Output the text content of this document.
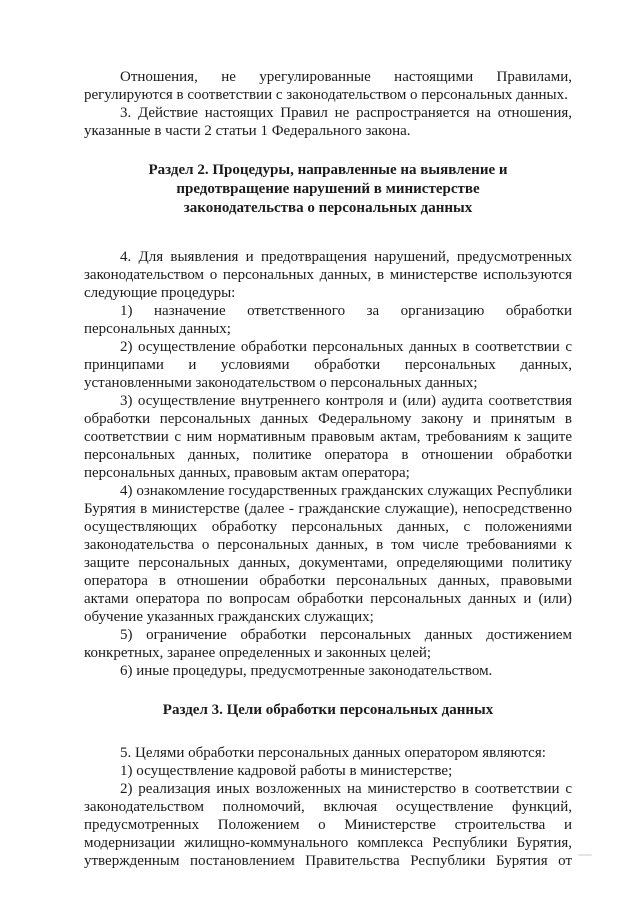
Отношения, не урегулированные настоящими Правилами, регулируются в соответствии с законодательством о персональных данных.

3. Действие настоящих Правил не распространяется на отношения, указанные в части 2 статьи 1 Федерального закона.

Раздел 2. Процедуры, направленные на выявление и предотвращение нарушений в министерстве законодательства о персональных данных

4. Для выявления и предотвращения нарушений, предусмотренных законодательством о персональных данных, в министерстве используются следующие процедуры:

1) назначение ответственного за организацию обработки персональных данных;

2) осуществление обработки персональных данных в соответствии с принципами и условиями обработки персональных данных, установленными законодательством о персональных данных;

3) осуществление внутреннего контроля и (или) аудита соответствия обработки персональных данных Федеральному закону и принятым в соответствии с ним нормативным правовым актам, требованиям к защите персональных данных, политике оператора в отношении обработки персональных данных, правовым актам оператора;

4) ознакомление государственных гражданских служащих Республики Бурятия в министерстве (далее - гражданские служащие), непосредственно осуществляющих обработку персональных данных, с положениями законодательства о персональных данных, в том числе требованиями к защите персональных данных, документами, определяющими политику оператора в отношении обработки персональных данных, правовыми актами оператора по вопросам обработки персональных данных и (или) обучение указанных гражданских служащих;

5) ограничение обработки персональных данных достижением конкретных, заранее определенных и законных целей;

6) иные процедуры, предусмотренные законодательством.

Раздел 3. Цели обработки персональных данных

5. Целями обработки персональных данных оператором являются:

1) осуществление кадровой работы в министерстве;

2) реализация иных возложенных на министерство в соответствии с законодательством полномочий, включая осуществление функций, предусмотренных Положением о Министерстве строительства и модернизации жилищно-коммунального комплекса Республики Бурятия, утвержденным постановлением Правительства Республики Бурятия от
